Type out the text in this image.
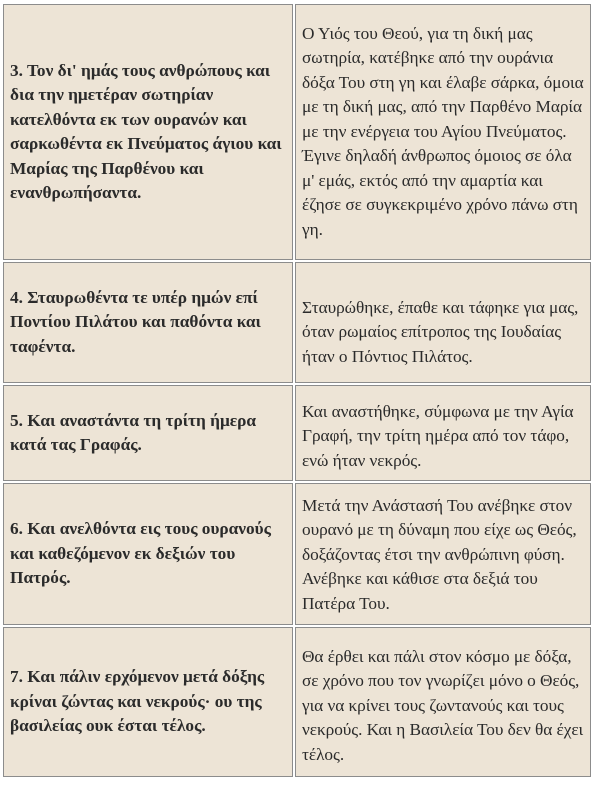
3. Τον δι' ημάς τους ανθρώπους και δια την ημετέραν σωτηρίαν κατελθόντα εκ των ουρανών και σαρκωθέντα εκ Πνεύματος άγιου και Μαρίας της Παρθένου και ενανθρωπήσαντα.	Ο Υιός του Θεού, για τη δική μας σωτηρία, κατέβηκε από την ουράνια δόξα Του στη γη και έλαβε σάρκα, όμοια με τη δική μας, από την Παρθένο Μαρία με την ενέργεια του Αγίου Πνεύματος. Έγινε δηλαδή άνθρωπος όμοιος σε όλα μ' εμάς, εκτός από την αμαρτία και έζησε σε συγκεκριμένο χρόνο πάνω στη γη.

4. Σταυρωθέντα τε υπέρ ημών επί Ποντίου Πιλάτου και παθόντα και ταφέντα.	Σταυρώθηκε, έπαθε και τάφηκε για μας, όταν ρωμαίος επίτροπος της Ιουδαίας ήταν ο Πόντιος Πιλάτος.

5. Και αναστάντα τη τρίτη ήμερα κατά τας Γραφάς.	Και αναστήθηκε, σύμφωνα με την Αγία Γραφή, την τρίτη ημέρα από τον τάφο, ενώ ήταν νεκρός.

6. Και ανελθόντα εις τους ουρανούς και καθεζόμενον εκ δεξιών του Πατρός.	Μετά την Ανάστασή Του ανέβηκε στον ουρανό με τη δύναμη που είχε ως Θεός, δοξάζοντας έτσι την ανθρώπινη φύση. Ανέβηκε και κάθισε στα δεξιά του Πατέρα Του.

7. Και πάλιν ερχόμενον μετά δόξης κρίναι ζώντας και νεκρούς· ου της βασιλείας ουκ έσται τέλος.	Θα έρθει και πάλι στον κόσμο με δόξα, σε χρόνο που τον γνωρίζει μόνο ο Θεός, για να κρίνει τους ζωντανούς και τους νεκρούς. Και η Βασιλεία Του δεν θα έχει τέλος.
